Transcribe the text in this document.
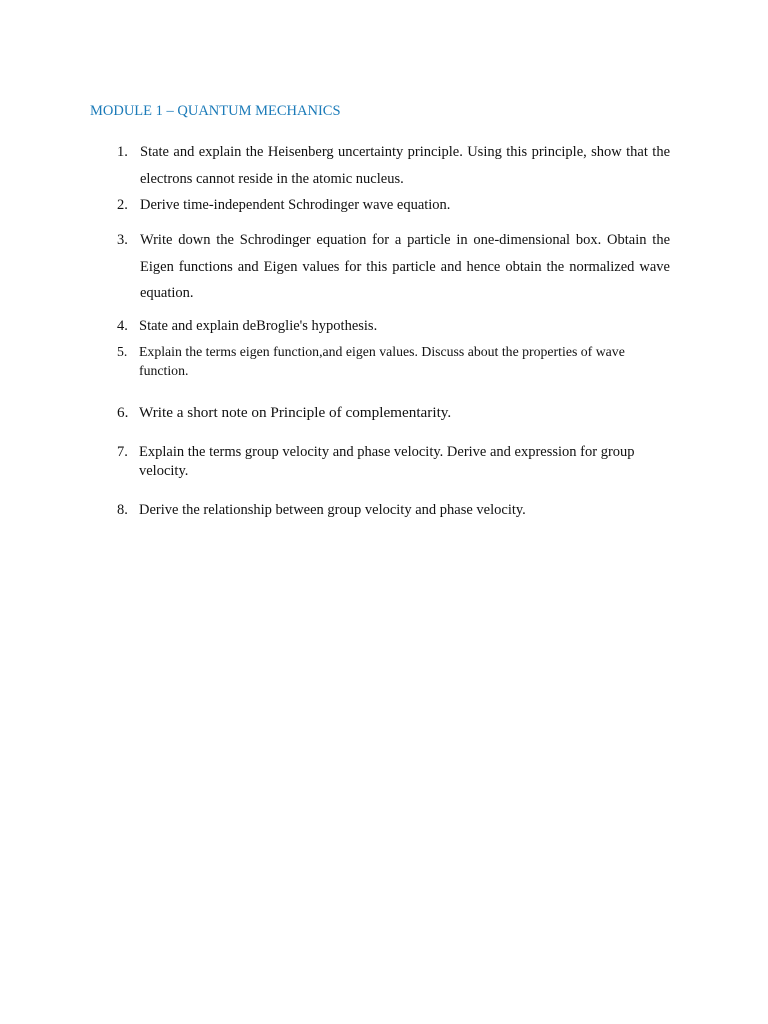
MODULE 1 – QUANTUM MECHANICS
1. State and explain the Heisenberg uncertainty principle. Using this principle, show that the electrons cannot reside in the atomic nucleus.
2. Derive time-independent Schrodinger wave equation.
3. Write down the Schrodinger equation for a particle in one-dimensional box. Obtain the Eigen functions and Eigen values for this particle and hence obtain the normalized wave equation.
4. State and explain deBroglie's hypothesis.
5. Explain the terms eigen function,and eigen values. Discuss about the properties of wave function.
6. Write a short note on Principle of complementarity.
7. Explain the terms group velocity and phase velocity. Derive and expression for group velocity.
8. Derive the relationship between group velocity and phase velocity.
